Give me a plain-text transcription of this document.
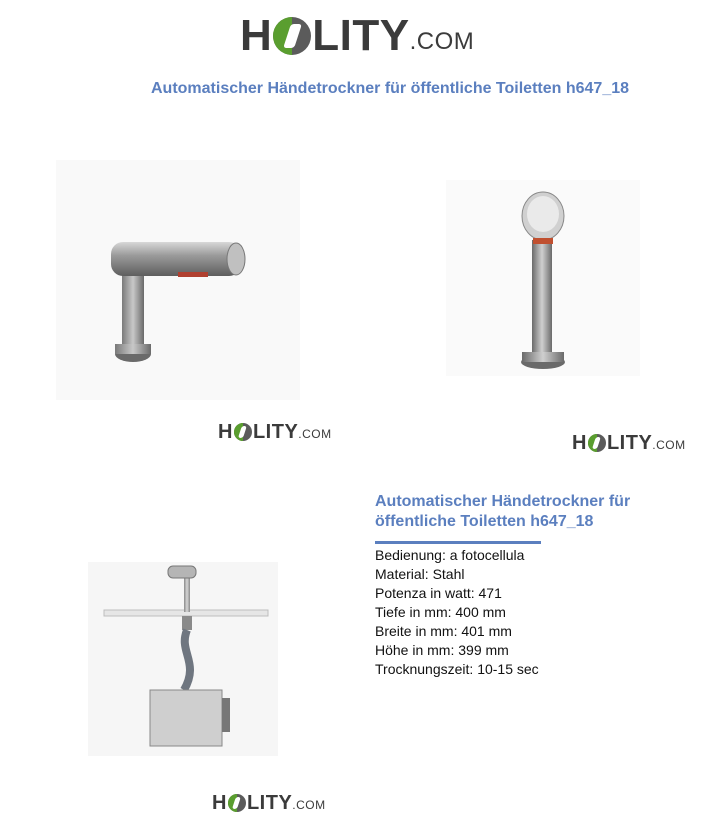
H LITY .COM
Automatischer Händetrockner für öffentliche Toiletten h647_18
H LITY .COM	H LITY .COM
Automatischer Händetrockner für öffentliche Toiletten h647_18
Bedienung: a fotocellula
Material: Stahl
Potenza in watt: 471
Tiefe in mm: 400 mm
Breite in mm: 401 mm
Höhe in mm: 399 mm
Trocknungszeit: 10-15 sec
H LITY .COM
